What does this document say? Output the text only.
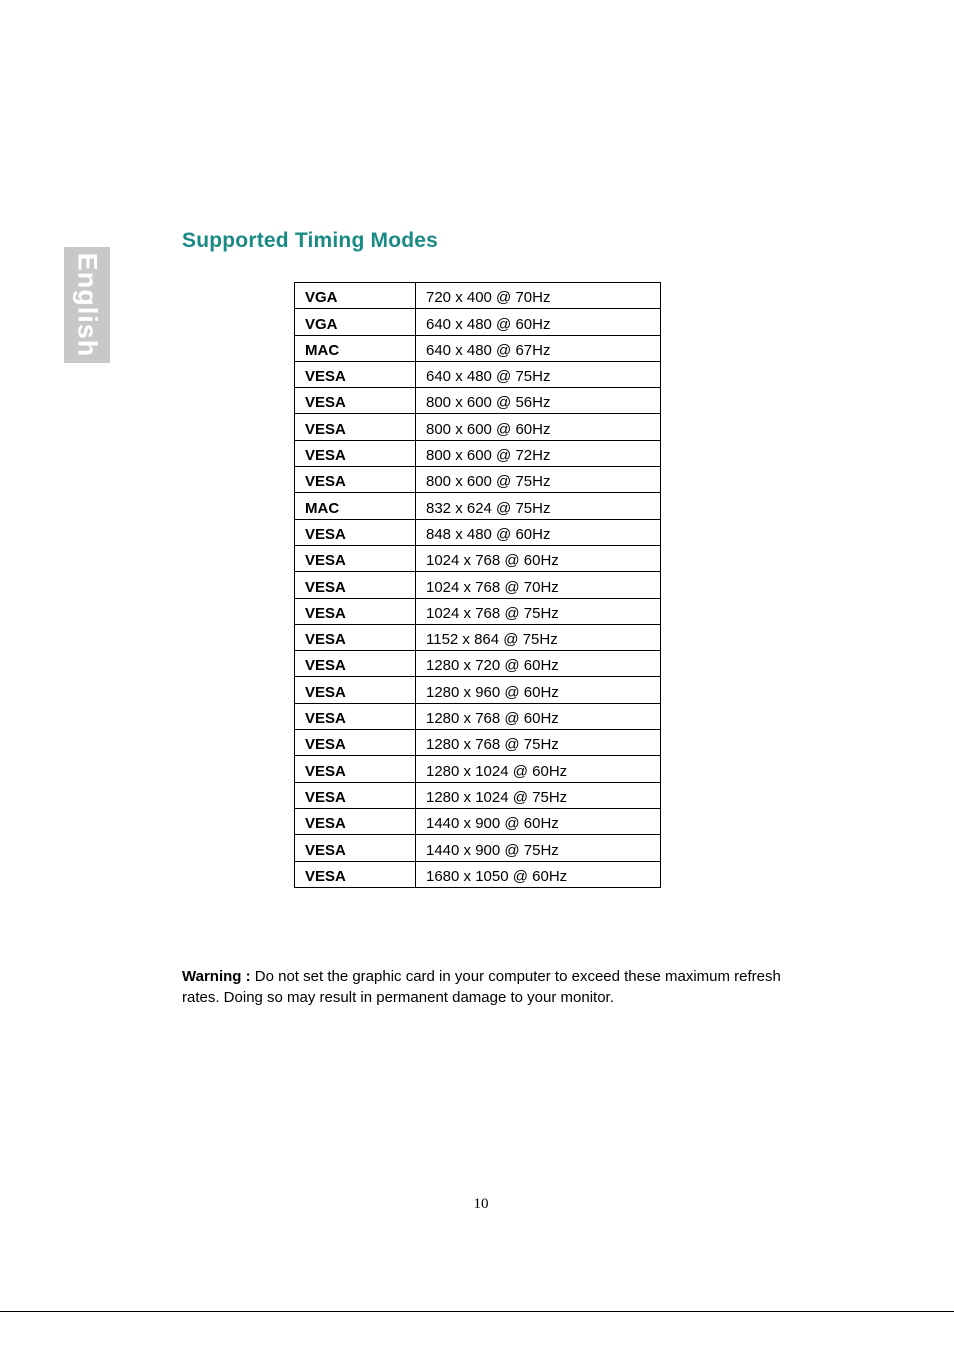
English
Supported Timing Modes
VGA	720 x 400 @ 70Hz
VGA	640 x 480 @ 60Hz
MAC	640 x 480 @ 67Hz
VESA	640 x 480 @ 75Hz
VESA	800 x 600 @ 56Hz
VESA	800 x 600 @ 60Hz
VESA	800 x 600 @ 72Hz
VESA	800 x 600 @ 75Hz
MAC	832 x 624 @ 75Hz
VESA	848 x 480 @ 60Hz
VESA	1024 x 768 @ 60Hz
VESA	1024 x 768 @ 70Hz
VESA	1024 x 768 @ 75Hz
VESA	1152 x 864 @ 75Hz
VESA	1280 x 720 @ 60Hz
VESA	1280 x 960 @ 60Hz
VESA	1280 x 768 @ 60Hz
VESA	1280 x 768 @ 75Hz
VESA	1280 x 1024 @ 60Hz
VESA	1280 x 1024 @ 75Hz
VESA	1440 x 900 @ 60Hz
VESA	1440 x 900 @ 75Hz
VESA	1680 x 1050 @ 60Hz

Warning : Do not set the graphic card in your computer to exceed these maximum refresh rates. Doing so may result in permanent damage to your monitor.

10
